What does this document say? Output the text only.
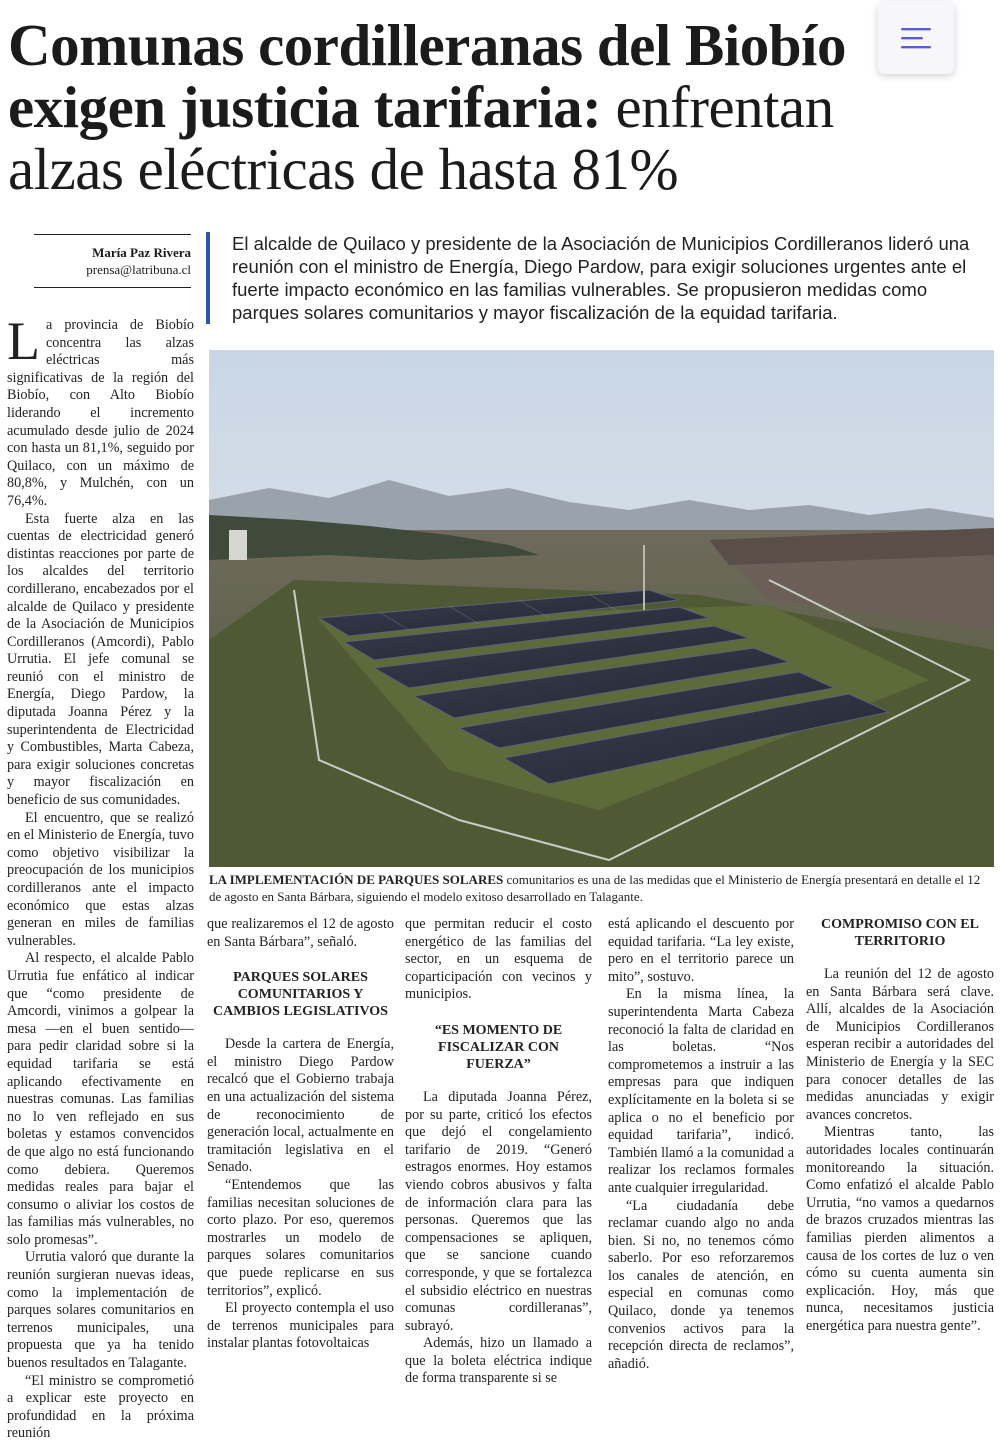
Comunas cordilleranas del Biobío exigen justicia tarifaria: enfrentan alzas eléctricas de hasta 81%
María Paz Rivera
prensa@latribuna.cl
El alcalde de Quilaco y presidente de la Asociación de Municipios Cordilleranos lideró una reunión con el ministro de Energía, Diego Pardow, para exigir soluciones urgentes ante el fuerte impacto económico en las familias vulnerables. Se propusieron medidas como parques solares comunitarios y mayor fiscalización de la equidad tarifaria.
LA IMPLEMENTACIÓN DE PARQUES SOLARES comunitarios es una de las medidas que el Ministerio de Energía presentará en detalle el 12 de agosto en Santa Bárbara, siguiendo el modelo exitoso desarrollado en Talagante.

La provincia de Biobío concentra las alzas eléctricas más significativas de la región del Biobío, con Alto Biobío liderando el incremento acumulado desde julio de 2024 con hasta un 81,1%, seguido por Quilaco, con un máximo de 80,8%, y Mulchén, con un 76,4%.

Esta fuerte alza en las cuentas de electricidad generó distintas reacciones por parte de los alcaldes del territorio cordillerano, encabezados por el alcalde de Quilaco y presidente de la Asociación de Municipios Cordilleranos (Amcordi), Pablo Urrutia. El jefe comunal se reunió con el ministro de Energía, Diego Pardow, la diputada Joanna Pérez y la superintendenta de Electricidad y Combustibles, Marta Cabeza, para exigir soluciones concretas y mayor fiscalización en beneficio de sus comunidades.

El encuentro, que se realizó en el Ministerio de Energía, tuvo como objetivo visibilizar la preocupación de los municipios cordilleranos ante el impacto económico que estas alzas generan en miles de familias vulnerables.

Al respecto, el alcalde Pablo Urrutia fue enfático al indicar que “como presidente de Amcordi, vinimos a golpear la mesa —en el buen sentido— para pedir claridad sobre si la equidad tarifaria se está aplicando efectivamente en nuestras comunas. Las familias no lo ven reflejado en sus boletas y estamos convencidos de que algo no está funcionando como debiera. Queremos medidas reales para bajar el consumo o aliviar los costos de las familias más vulnerables, no solo promesas”.

Urrutia valoró que durante la reunión surgieran nuevas ideas, como la implementación de parques solares comunitarios en terrenos municipales, una propuesta que ya ha tenido buenos resultados en Talagante.

“El ministro se comprometió a explicar este proyecto en profundidad en la próxima reunión

que realizaremos el 12 de agosto en Santa Bárbara”, señaló.

PARQUES SOLARES COMUNITARIOS Y CAMBIOS LEGISLATIVOS

Desde la cartera de Energía, el ministro Diego Pardow recalcó que el Gobierno trabaja en una actualización del sistema de reconocimiento de generación local, actualmente en tramitación legislativa en el Senado.

“Entendemos que las familias necesitan soluciones de corto plazo. Por eso, queremos mostrarles un modelo de parques solares comunitarios que puede replicarse en sus territorios”, explicó.

El proyecto contempla el uso de terrenos municipales para instalar plantas fotovoltaicas

que permitan reducir el costo energético de las familias del sector, en un esquema de coparticipación con vecinos y municipios.

“ES MOMENTO DE FISCALIZAR CON FUERZA”

La diputada Joanna Pérez, por su parte, criticó los efectos que dejó el congelamiento tarifario de 2019. “Generó estragos enormes. Hoy estamos viendo cobros abusivos y falta de información clara para las personas. Queremos que las compensaciones se apliquen, que se sancione cuando corresponde, y que se fortalezca el subsidio eléctrico en nuestras comunas cordilleranas”, subrayó.

Además, hizo un llamado a que la boleta eléctrica indique de forma transparente si se

está aplicando el descuento por equidad tarifaria. “La ley existe, pero en el territorio parece un mito”, sostuvo.

En la misma línea, la superintendenta Marta Cabeza reconoció la falta de claridad en las boletas. “Nos comprometemos a instruir a las empresas para que indiquen explícitamente en la boleta si se aplica o no el beneficio por equidad tarifaria”, indicó. También llamó a la comunidad a realizar los reclamos formales ante cualquier irregularidad.

“La ciudadanía debe reclamar cuando algo no anda bien. Si no, no tenemos cómo saberlo. Por eso reforzaremos los canales de atención, en especial en comunas como Quilaco, donde ya tenemos convenios activos para la recepción directa de reclamos”, añadió.

COMPROMISO CON EL TERRITORIO

La reunión del 12 de agosto en Santa Bárbara será clave. Allí, alcaldes de la Asociación de Municipios Cordilleranos esperan recibir a autoridades del Ministerio de Energía y la SEC para conocer detalles de las medidas anunciadas y exigir avances concretos.

Mientras tanto, las autoridades locales continuarán monitoreando la situación. Como enfatizó el alcalde Pablo Urrutia, “no vamos a quedarnos de brazos cruzados mientras las familias pierden alimentos a causa de los cortes de luz o ven cómo su cuenta aumenta sin explicación. Hoy, más que nunca, necesitamos justicia energética para nuestra gente”.
